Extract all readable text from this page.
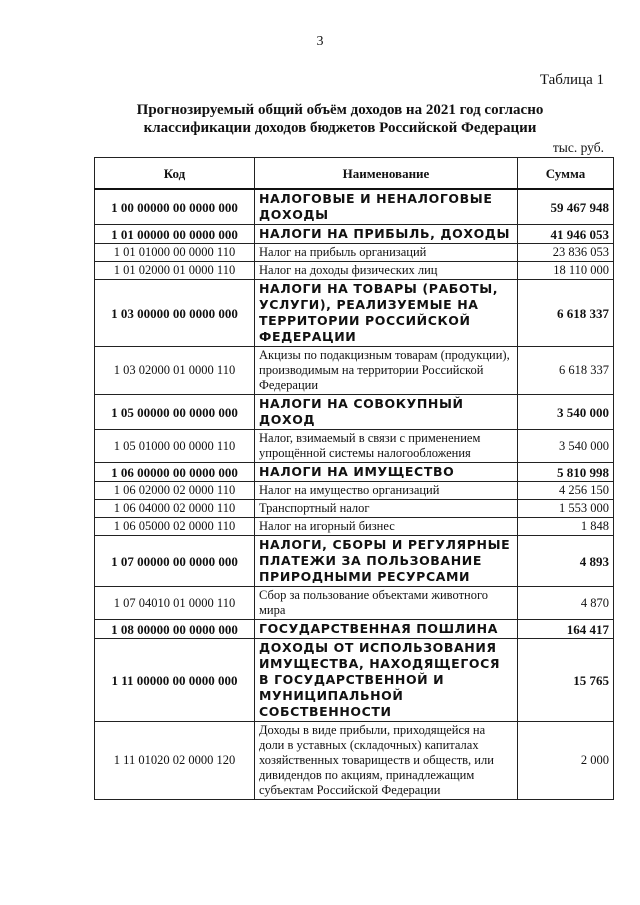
3
Таблица 1
Прогнозируемый общий объём доходов на 2021 год согласно
классификации доходов бюджетов Российской Федерации
тыс. руб.
Код	Наименование	Сумма
1 00 00000 00 0000 000	НАЛОГОВЫЕ И НЕНАЛОГОВЫЕ ДОХОДЫ	59 467 948
1 01 00000 00 0000 000	НАЛОГИ НА ПРИБЫЛЬ, ДОХОДЫ	41 946 053
1 01 01000 00 0000 110	Налог на прибыль организаций	23 836 053
1 01 02000 01 0000 110	Налог на доходы физических лиц	18 110 000
1 03 00000 00 0000 000	НАЛОГИ НА ТОВАРЫ (РАБОТЫ, УСЛУГИ), РЕАЛИЗУЕМЫЕ НА ТЕРРИТОРИИ РОССИЙСКОЙ ФЕДЕРАЦИИ	6 618 337
1 03 02000 01 0000 110	Акцизы по подакцизным товарам (продукции), производимым на территории Российской Федерации	6 618 337
1 05 00000 00 0000 000	НАЛОГИ НА СОВОКУПНЫЙ ДОХОД	3 540 000
1 05 01000 00 0000 110	Налог, взимаемый в связи с применением упрощённой системы налогообложения	3 540 000
1 06 00000 00 0000 000	НАЛОГИ НА ИМУЩЕСТВО	5 810 998
1 06 02000 02 0000 110	Налог на имущество организаций	4 256 150
1 06 04000 02 0000 110	Транспортный налог	1 553 000
1 06 05000 02 0000 110	Налог на игорный бизнес	1 848
1 07 00000 00 0000 000	НАЛОГИ, СБОРЫ И РЕГУЛЯРНЫЕ ПЛАТЕЖИ ЗА ПОЛЬЗОВАНИЕ ПРИРОДНЫМИ РЕСУРСАМИ	4 893
1 07 04010 01 0000 110	Сбор за пользование объектами животного мира	4 870
1 08 00000 00 0000 000	ГОСУДАРСТВЕННАЯ ПОШЛИНА	164 417
1 11 00000 00 0000 000	ДОХОДЫ ОТ ИСПОЛЬЗОВАНИЯ ИМУЩЕСТВА, НАХОДЯЩЕГОСЯ В ГОСУДАРСТВЕННОЙ И МУНИЦИПАЛЬНОЙ СОБСТВЕННОСТИ	15 765
1 11 01020 02 0000 120	Доходы в виде прибыли, приходящейся на доли в уставных (складочных) капиталах хозяйственных товариществ и обществ, или дивидендов по акциям, принадлежащим субъектам Российской Федерации	2 000
